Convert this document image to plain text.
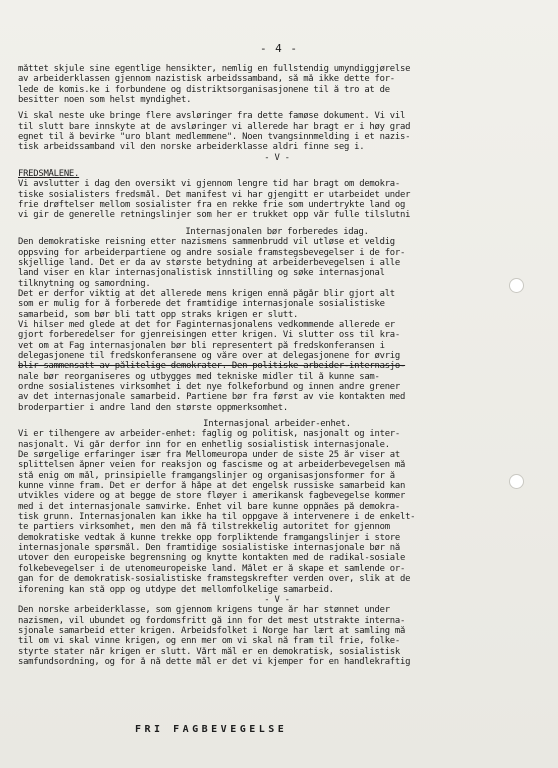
- 4 -
måttet skjule sine egentlige hensikter, nemlig en fullstendig umyndiggjørelse
av arbeiderklassen gjennom nazistisk arbeidssamband, så må ikke dette for-
lede de komis.ke i forbundene og distriktsorganisasjonene til å tro at de
besitter noen som helst myndighet.
Vi skal neste uke bringe flere avsløringer fra dette famøse dokument. Vi vil
til slutt bare innskyte at de avsløringer vi allerede har bragt er i høy grad
egnet til å bevirke "uro blant medlemmene". Noen tvangsinnmelding i et nazis-
tisk arbeidssamband vil den norske arbeiderklasse aldri finne seg i.
- V -
FREDSMÅLENE.
Vi avslutter i dag den oversikt vi gjennom lengre tid har bragt om demokra-
tiske sosialisters fredsmål. Det manifest vi har gjengitt er utarbeidet under
frie drøftelser mellom sosialister fra en rekke frie som undertrykte land og
vi gir de generelle retningslinjer som her er trukket opp vår fulle tilslutni
Internasjonalen bør forberedes idag.
Den demokratiske reisning etter nazismens sammenbrudd vil utløse et veldig
oppsving for arbeiderpartiene og andre sosiale framstegsbevegelser i de for-
skjellige land. Det er da av største betydning at arbeiderbevegelsen i alle
land viser en klar internasjonalistisk innstilling og søke internasjonal
tilknytning og samordning.
Det er derfor viktig at det allerede mens krigen ennå pågår blir gjort alt
som er mulig for å forberede det framtidige internasjonale sosialistiske
samarbeid, som bør bli tatt opp straks krigen er slutt.
Vi hilser med glede at det for Faginternasjonalens vedkommende allerede er
gjort forberedelser for gjenreisingen etter krigen. Vi slutter oss til kra-
vet om at Fag internasjonalen bør bli representert på fredskonferansen i
delegasjonene til fredskonferansene og våre over at delegasjonene for øvrig
blir sammensatt av pålitelige demokrater. Den politiske arbeider-internasjo-
nale bør reorganiseres og utbygges med tekniske midler til å kunne sam-
ordne sosialistenes virksomhet i det nye folkeforbund og innen andre grener
av det internasjonale samarbeid. Partiene bør fra først av vie kontakten med
broderpartier i andre land den største oppmerksomhet.
Internasjonal arbeider-enhet.
Vi er tilhengere av arbeider-enhet: faglig og politisk, nasjonalt og inter-
nasjonalt. Vi går derfor inn for en enhetlig sosialistisk internasjonale.
De sørgelige erfaringer især fra Mellomeuropa under de siste 25 år viser at
splittelsen åpner veien for reaksjon og fascisme og at arbeiderbevegelsen må
stå enig om mål, prinsipielle framgangslinjer og organisasjonsformer for å
kunne vinne fram. Det er derfor å håpe at det engelsk russiske samarbeid kan
utvikles videre og at begge de store fløyer i amerikansk fagbevegelse kommer
med i det internasjonale samvirke. Enhet vil bare kunne oppnåes på demokra-
tisk grunn. Internasjonalen kan ikke ha til oppgave å intervenere i de enkelt-
te partiers virksomhet, men den må få tilstrekkelig autoritet for gjennom
demokratiske vedtak å kunne trekke opp forpliktende framgangslinjer i store
internasjonale spørsmål. Den framtidige sosialistiske internasjonale bør nå
utover den europeiske begrensning og knytte kontakten med de radikal-sosiale
folkebevegelser i de utenomeuropeiske land. Målet er å skape et samlende or-
gan for de demokratisk-sosialistiske framstegskrefter verden over, slik at de
iforening kan stå opp og utdype det mellomfolkelige samarbeid.
- V -
Den norske arbeiderklasse, som gjennom krigens tunge år har stønnet under
nazismen, vil ubundet og fordomsfritt gå inn for det mest utstrakte interna-
sjonale samarbeid etter krigen. Arbeidsfolket i Norge har lært at samling må
til om vi skal vinne krigen, og enn mer om vi skal nå fram til frie, folke-
styrte stater når krigen er slutt. Vårt mål er en demokratisk, sosialistisk
samfundsordning, og for å nå dette mål er det vi kjemper for en handlekraftig
FRI FAGBEVEGELSE
